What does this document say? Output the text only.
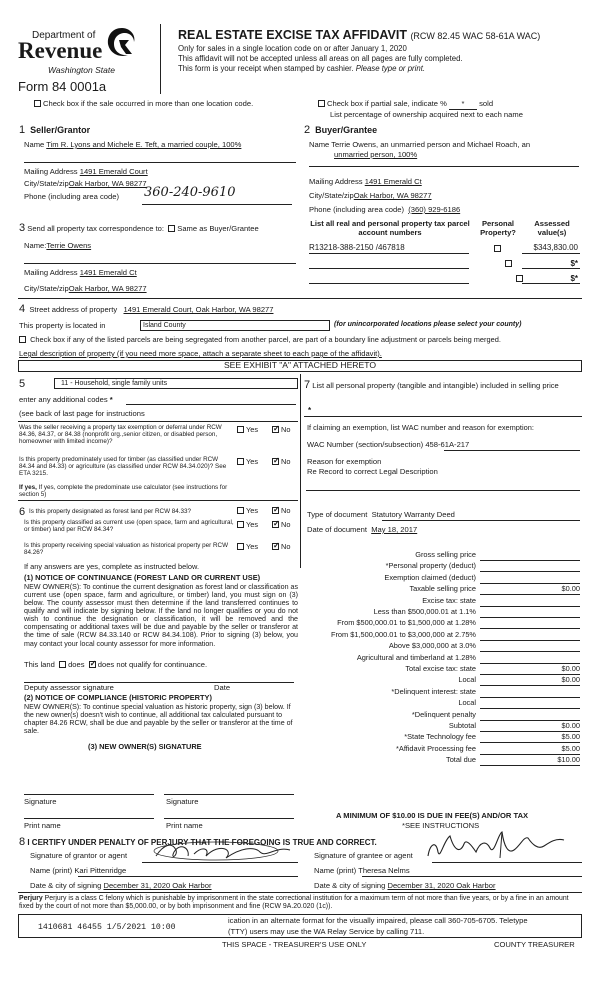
Department of
Revenue
Washington State
Form 84 0001a
REAL ESTATE EXCISE TAX AFFIDAVIT (RCW 82.45 WAC 58-61A WAC)
Only for sales in a single location code on or after January 1, 2020
This affidavit will not be accepted unless all areas on all pages are fully completed.
This form is your receipt when stamped by cashier. Please type or print.
Check box if the sale occurred in more than one location code.	Check box if partial sale, indicate % * sold
List percentage of ownership acquired next to each name
1 Seller/Grantor
Name Tim R. Lyons and Michele E. Teft, a married couple, 100%
Mailing Address 1491 Emerald Court
City/State/zipOak Harbor, WA 98277
Phone (including area code) 360-240-9610
2 Buyer/Grantee
Name Terrie Owens, an unmarried person and Michael Roach, an
unmarried person, 100%
Mailing Address 1491 Emerald Ct
City/State/zipOak Harbor, WA 98277
Phone (including area code) (360) 929-6186
3 Send all property tax correspondence to: Same as Buyer/Grantee
Name:Terrie Owens
Mailing Address 1491 Emerald Ct
City/State/zipOak Harbor, WA 98277
List all real and personal property tax parcel account numbers
Personal Property?
Assessed value(s)
R13218-388-2150 /467818
	$343,830.00

$*
$*
4 Street address of property 1491 Emerald Court, Oak Harbor, WA 98277
This property is located in	Island County	(for unincorporated locations please select your county)
Check box if any of the listed parcels are being segregated from another parcel, are part of a boundary line adjustment or parcels being merged.
Legal description of property (if you need more space, attach a separate sheet to each page of the affidavit).
SEE EXHIBIT "A" ATTACHED HERETO
5	11 - Household, single family units
enter any additional codes *
(see back of last page for instructions
Was the seller receiving a property tax exemption or deferral under RCW 84.36, 84.37, or 84.38 (nonprofit org.,senior citizen, or disabled person, homeowner with limited income)?
Yes ✓	No
Is this property predominately used for timber (as classified under RCW 84.34 and 84.33) or agriculture (as classified under RCW 84.34.020)? See ETA 3215.
Yes ✓	No
If yes, If yes, complete the predominate use calculator (see instructions for section 5)
7 List all personal property (tangible and intangible) included in selling price
*
If claiming an exemption, list WAC number and reason for exemption:
WAC Number (section/subsection) 458-61A-217
Reason for exemption
Re Record to correct Legal Description
6 Is this property designated as forest land per RCW 84.33?	Yes ✓	No
Is this property classified as current use (open space, farm and agricultural, or timber) land per RCW 84.34?
Yes ✓	No
Is this property receiving special valuation as historical property per RCW 84.26?
Yes ✓	No
If any answers are yes, complete as instructed below.
(1) NOTICE OF CONTINUANCE (FOREST LAND OR CURRENT USE)
NEW OWNER(S): To continue the current designation as forest land or classification as current use (open space, farm and agriculture, or timber) land, you must sign on (3) below. The county assessor must then determine if the land transferred continues to qualify and will indicate by signing below. If the land no longer qualifies or you do not wish to continue the designation or classification, it will be removed and the compensating or additional taxes will be due and payable by the seller or transferor at the time of sale (RCW 84.33.140 or RCW 84.34.108). Prior to signing (3) below, you may contact your local county assessor for more information.
This land does ✓ does not qualify for continuance.
Deputy assessor signature	Date
(2) NOTICE OF COMPLIANCE (HISTORIC PROPERTY)
NEW OWNER(S): To continue special valuation as historic property, sign (3) below. If the new owner(s) doesn't wish to continue, all additional tax calculated pursuant to chapter 84.26 RCW, shall be due and payable by the seller or transferor at the time of sale.
(3) NEW OWNER(S) SIGNATURE
Signature	Signature
Print name	Print name
Type of document Statutory Warranty Deed
Date of document May 18, 2017
Gross selling price
*Personal property (deduct)
Exemption claimed (deduct)
Taxable selling price	$0.00
Excise tax: state
Less than $500,000.01 at 1.1%
From $500,000.01 to $1,500,000 at 1.28%
From $1,500,000.01 to $3,000,000 at 2.75%
Above $3,000,000 at 3.0%
Agricultural and timberland at 1.28%
Total excise tax: state	$0.00
Local	$0.00
*Delinquent interest: state
Local
*Delinquent penalty
Subtotal	$0.00
*State Technology fee	$5.00
*Affidavit Processing fee	$5.00
Total due	$10.00
A MINIMUM OF $10.00 IS DUE IN FEE(S) AND/OR TAX
*SEE INSTRUCTIONS
8 I CERTIFY UNDER PENALTY OF PERJURY THAT THE FOREGOING IS TRUE AND CORRECT.
Signature of grantor or agent
Name (print) Kari Pittenridge
Date & city of signing December 31, 2020 Oak Harbor
Signature of grantee or agent
Name (print) Theresa Nelms
Date & city of signing December 31, 2020 Oak Harbor
Perjury Perjury is a class C felony which is punishable by imprisonment in the state correctional institution for a maximum term of not more than five years, or by a fine in an amount fixed by the court of not more than $5,000.00, or by both imprisonment and fine (RCW 9A.20.020 (1c)).
ication in an alternate format for the visually impaired, please call 360-705-6705. Teletype
1410681 46455 1/5/2021 10:00	(TTY) users may use the WA Relay Service by calling 711.
THIS SPACE - TREASURER'S USE ONLY	COUNTY TREASURER
